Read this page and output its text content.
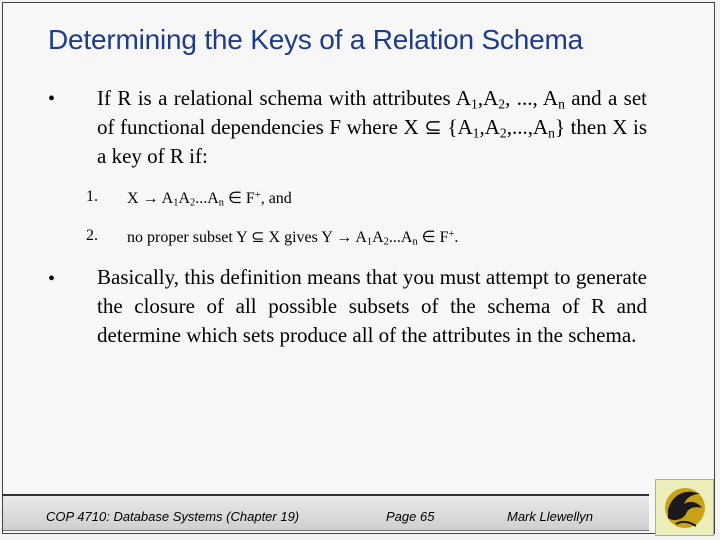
Determining the Keys of a Relation Schema
• If R is a relational schema with attributes $A_1,A_2$, ..., $A_n$ and a set of functional dependencies F where X ⊆ $\{A_1,A_2,...,A_n\}$ then X is a key of R if:
1. $X \to A_1A_2...A_n$ ∈ F+, and
2. no proper subset Y ⊆ X gives $Y \to A_1A_2...A_n$ ∈ F+.
• Basically, this definition means that you must attempt to generate the closure of all possible subsets of the schema of R and determine which sets produce all of the attributes in the schema.
COP 4710: Database Systems (Chapter 19)	Page 65	Mark Llewellyn
